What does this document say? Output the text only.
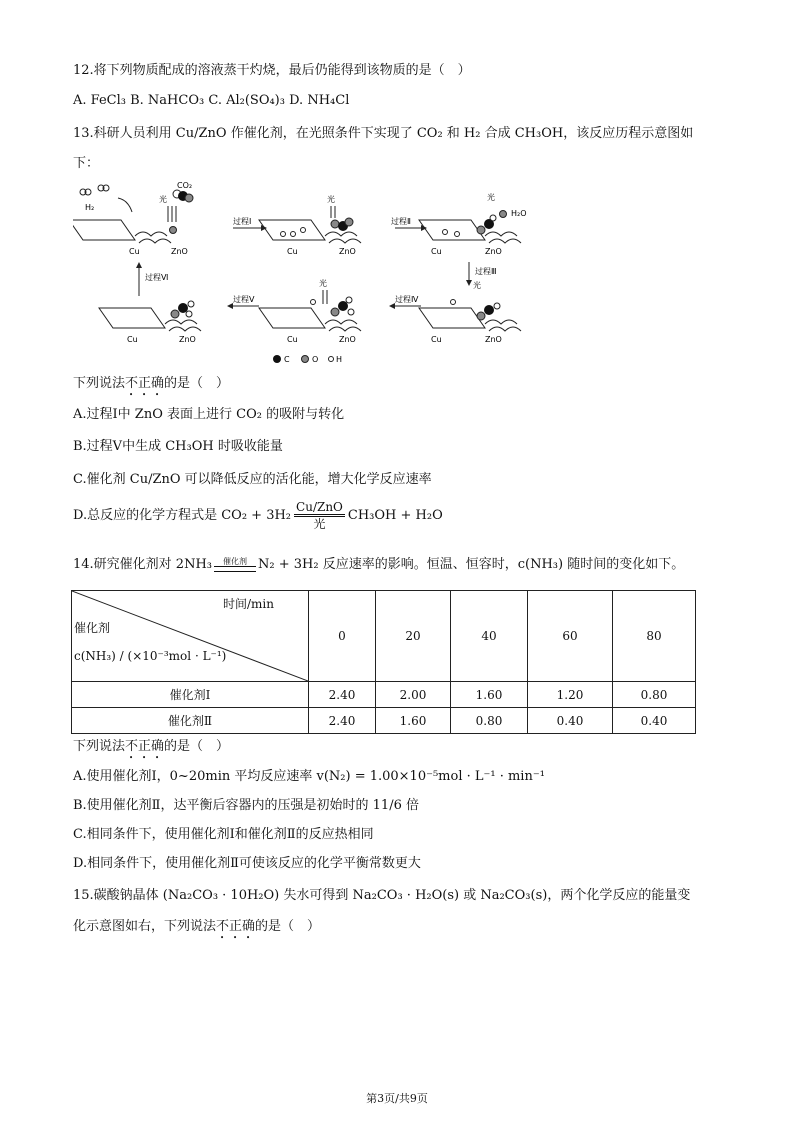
12.将下列物质配成的溶液蒸干灼烧，最后仍能得到该物质的是（　）
A. FeCl₃ B. NaHCO₃ C. Al₂(SO₄)₃ D. NH₄Cl
13.科研人员利用 Cu/ZnO 作催化剂，在光照条件下实现了 CO₂ 和 H₂ 合成 CH₃OH，该反应历程示意图如
下：
Cu	ZnO
H₂
CO₂
光
过程Ⅰ
光
Cu	ZnO
过程Ⅱ
H₂O
光
Cu	ZnO
过程Ⅲ
光
Cu	ZnO
过程Ⅳ
光
Cu	ZnO
过程Ⅴ
Cu	ZnO
过程Ⅵ
C	O H
下列说法不正确的是（　）
A.过程Ⅰ中 ZnO 表面上进行 CO₂ 的吸附与转化
B.过程Ⅴ中生成 CH₃OH 时吸收能量
C.催化剂 Cu/ZnO 可以降低反应的活化能，增大化学反应速率
D.总反应的化学方程式是 $CO_2 + 3H_2 \frac{\text{Cu/ZnO}}{\text{光}} CH_3OH + H_2O$
14.研究催化剂对 2NH₃ 催化剂 N₂ + 3H₂ 反应速率的影响。恒温、恒容时，c(NH₃) 随时间的变化如下。
时间/min
催化剂
c(NH₃) / (×10⁻³mol · L⁻¹)	0	20	40	60	80
催化剂Ⅰ	2.40	2.00	1.60	1.20	0.80
催化剂Ⅱ	2.40	1.60	0.80	0.40	0.40
下列说法不正确的是（　）
A.使用催化剂Ⅰ，0~20min 平均反应速率 v(N₂) = 1.00×10⁻⁵mol · L⁻¹ · min⁻¹
B.使用催化剂Ⅱ，达平衡后容器内的压强是初始时的 11/6 倍
C.相同条件下，使用催化剂Ⅰ和催化剂Ⅱ的反应热相同
D.相同条件下，使用催化剂Ⅱ可使该反应的化学平衡常数更大
15.碳酸钠晶体 (Na₂CO₃ · 10H₂O) 失水可得到 Na₂CO₃ · H₂O(s) 或 Na₂CO₃(s)，两个化学反应的能量变
化示意图如右，下列说法不正确的是（　）
第3页/共9页
